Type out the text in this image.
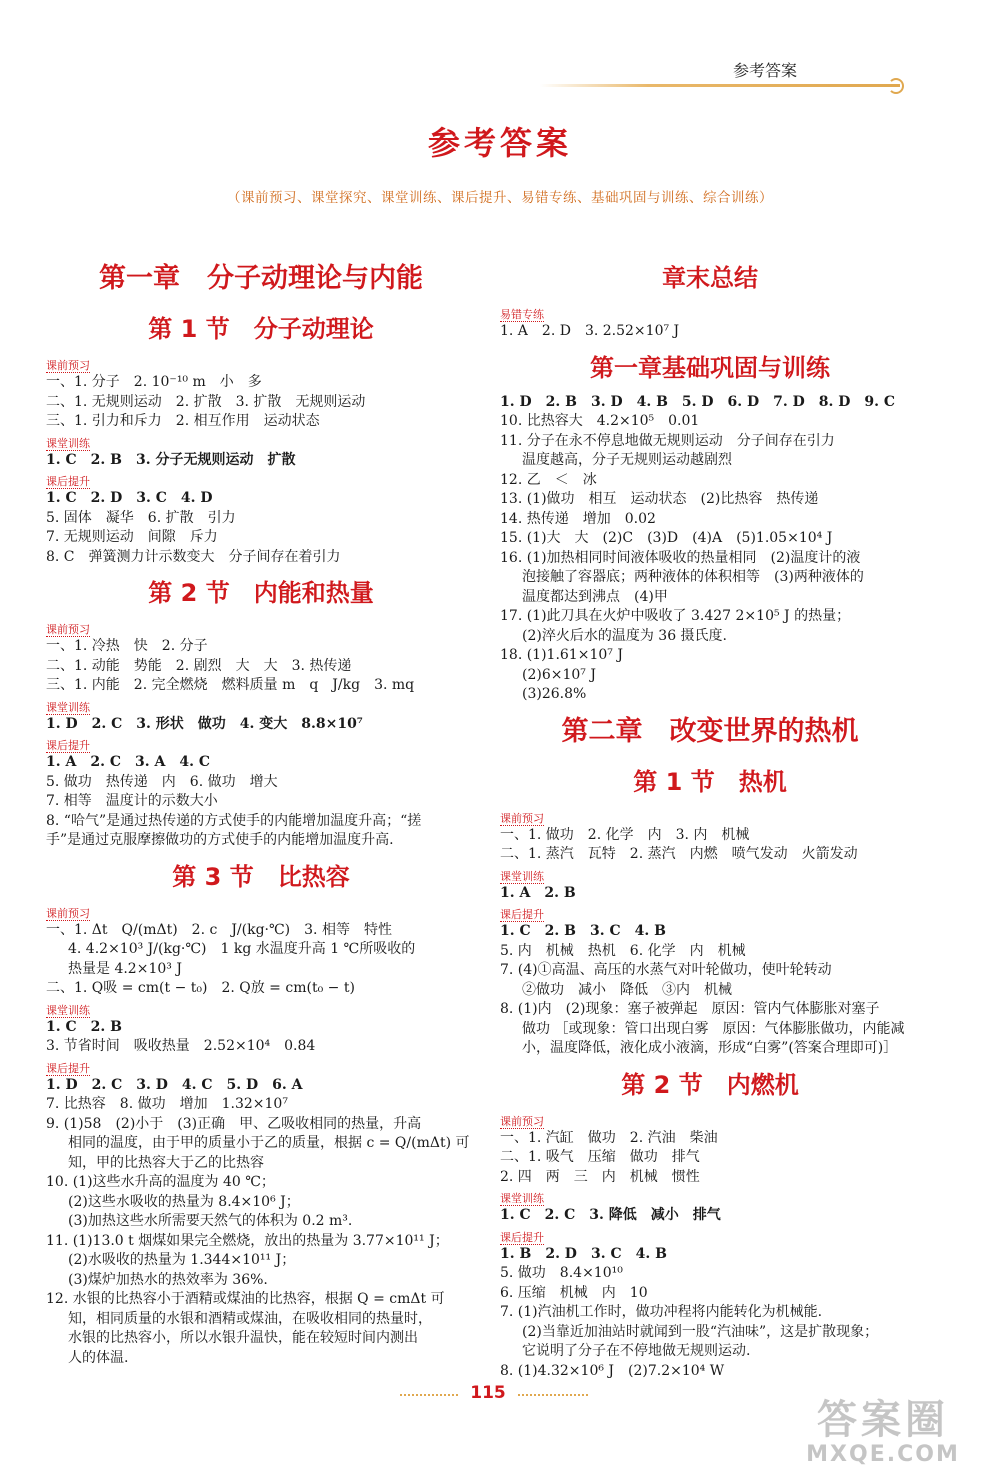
参考答案
参考答案
（课前预习、课堂探究、课堂训练、课后提升、易错专练、基础巩固与训练、综合训练）
第一章　分子动理论与内能
第 1 节　分子动理论
课前预习
一、1. 分子　2. 10⁻¹⁰ m　小　多
二、1. 无规则运动　2. 扩散　3. 扩散　无规则运动
三、1. 引力和斥力　2. 相互作用　运动状态
课堂训练
1. C　2. B　3. 分子无规则运动　扩散
课后提升
1. C　2. D　3. C　4. D
5. 固体　凝华　6. 扩散　引力
7. 无规则运动　间隙　斥力
8. C　弹簧测力计示数变大　分子间存在着引力
第 2 节　内能和热量
课前预习
一、1. 冷热　快　2. 分子
二、1. 动能　势能　2. 剧烈　大　大　3. 热传递
三、1. 内能　2. 完全燃烧　燃料质量 m　q　J/kg　3. mq
课堂训练
1. D　2. C　3. 形状　做功　4. 变大　8.8×10⁷
课后提升
1. A　2. C　3. A　4. C
5. 做功　热传递　内　6. 做功　增大
7. 相等　温度计的示数大小
8. “哈气”是通过热传递的方式使手的内能增加温度升高；“搓
手”是通过克服摩擦做功的方式使手的内能增加温度升高.
第 3 节　比热容
课前预习
一、1. Δt　Q/(mΔt)　2. c　J/(kg·℃)　3. 相等　特性
4. 4.2×10³ J/(kg·℃)　1 kg 水温度升高 1 ℃所吸收的
热量是 4.2×10³ J
二、1. Q吸 = cm(t − t₀)　2. Q放 = cm(t₀ − t)
课堂训练
1. C　2. B
3. 节省时间　吸收热量　2.52×10⁴　0.84
课后提升
1. D　2. C　3. D　4. C　5. D　6. A
7. 比热容　8. 做功　增加　1.32×10⁷
9. (1)58　(2)小于　(3)正确　甲、乙吸收相同的热量，升高
相同的温度，由于甲的质量小于乙的质量，根据 c = Q/(mΔt) 可
知，甲的比热容大于乙的比热容
10. (1)这些水升高的温度为 40 ℃；
(2)这些水吸收的热量为 8.4×10⁶ J；
(3)加热这些水所需要天然气的体积为 0.2 m³.
11. (1)13.0 t 烟煤如果完全燃烧，放出的热量为 3.77×10¹¹ J；
(2)水吸收的热量为 1.344×10¹¹ J；
(3)煤炉加热水的热效率为 36%.
12. 水银的比热容小于酒精或煤油的比热容，根据 Q = cmΔt 可
知，相同质量的水银和酒精或煤油，在吸收相同的热量时，
水银的比热容小，所以水银升温快，能在较短时间内测出
人的体温.
章末总结
易错专练
1. A　2. D　3. 2.52×10⁷ J
第一章基础巩固与训练
1. D　2. B　3. D　4. B　5. D　6. D　7. D　8. D　9. C
10. 比热容大　4.2×10⁵　0.01
11. 分子在永不停息地做无规则运动　分子间存在引力
温度越高，分子无规则运动越剧烈
12. 乙　＜　冰
13. (1)做功　相互　运动状态　(2)比热容　热传递
14. 热传递　增加　0.02
15. (1)大　大　(2)C　(3)D　(4)A　(5)1.05×10⁴ J
16. (1)加热相同时间液体吸收的热量相同　(2)温度计的液
泡接触了容器底；两种液体的体积相等　(3)两种液体的
温度都达到沸点　(4)甲
17. (1)此刀具在火炉中吸收了 3.427 2×10⁵ J 的热量；
(2)淬火后水的温度为 36 摄氏度.
18. (1)1.61×10⁷ J
(2)6×10⁷ J
(3)26.8%
第二章　改变世界的热机
第 1 节　热机
课前预习
一、1. 做功　2. 化学　内　3. 内　机械
二、1. 蒸汽　瓦特　2. 蒸汽　内燃　喷气发动　火箭发动
课堂训练
1. A　2. B
课后提升
1. C　2. B　3. C　4. B
5. 内　机械　热机　6. 化学　内　机械
7. (4)①高温、高压的水蒸气对叶轮做功，使叶轮转动
②做功　减小　降低　③内　机械
8. (1)内　(2)现象：塞子被弹起　原因：管内气体膨胀对塞子
做功 ［或现象：管口出现白雾　原因：气体膨胀做功，内能减
小，温度降低，液化成小液滴，形成“白雾”(答案合理即可)］
第 2 节　内燃机
课前预习
一、1. 汽缸　做功　2. 汽油　柴油
二、1. 吸气　压缩　做功　排气
2. 四　两　三　内　机械　惯性
课堂训练
1. C　2. C　3. 降低　减小　排气
课后提升
1. B　2. D　3. C　4. B
5. 做功　8.4×10¹⁰
6. 压缩　机械　内　10
7. (1)汽油机工作时，做功冲程将内能转化为机械能.
(2)当靠近加油站时就闻到一股“汽油味”，这是扩散现象；
它说明了分子在不停地做无规则运动.
8. (1)4.32×10⁶ J　(2)7.2×10⁴ W
115
答案圈
MXQE.COM
